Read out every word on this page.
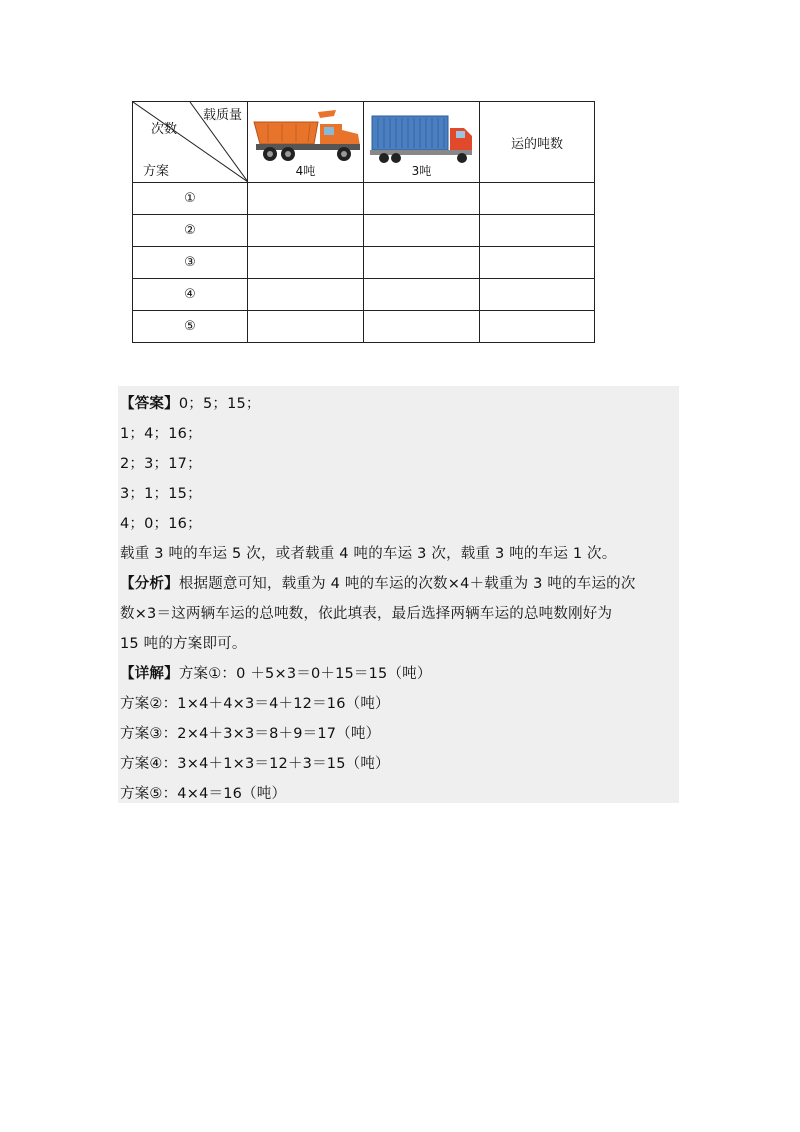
载质量
次数
方案	4吨	3吨	运的吨数
①			
②			
③			
④			
⑤			
【答案】0；5；15；
1；4；16；
2；3；17；
3；1；15；
4；0；16；
载重 3 吨的车运 5 次，或者载重 4 吨的车运 3 次，载重 3 吨的车运 1 次。
【分析】根据题意可知，载重为 4 吨的车运的次数×4＋载重为 3 吨的车运的次
数×3＝这两辆车运的总吨数，依此填表，最后选择两辆车运的总吨数刚好为
15 吨的方案即可。
【详解】方案①：0 ＋5×3＝0＋15＝15（吨）
方案②：1×4＋4×3＝4＋12＝16（吨）
方案③：2×4＋3×3＝8＋9＝17（吨）
方案④：3×4＋1×3＝12＋3＝15（吨）
方案⑤：4×4＝16（吨）
